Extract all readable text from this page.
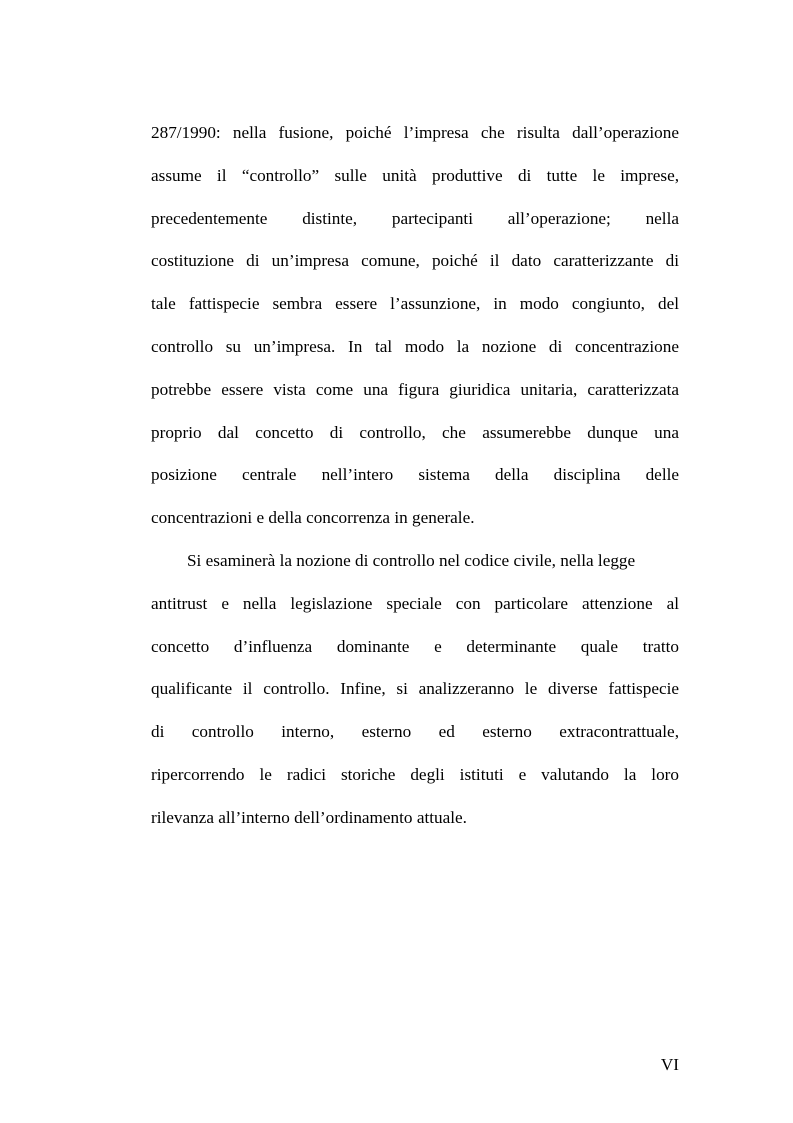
287/1990: nella fusione, poiché l’impresa che risulta dall’operazione
assume il “controllo” sulle unità produttive di tutte le imprese,
precedentemente distinte, partecipanti all’operazione; nella
costituzione di un’impresa comune, poiché il dato caratterizzante di
tale fattispecie sembra essere l’assunzione, in modo congiunto, del
controllo su un’impresa. In tal modo la nozione di concentrazione
potrebbe essere vista come una figura giuridica unitaria, caratterizzata
proprio dal concetto di controllo, che assumerebbe dunque una
posizione centrale nell’intero sistema della disciplina delle
concentrazioni e della concorrenza in generale.
Si esaminerà la nozione di controllo nel codice civile, nella legge
antitrust e nella legislazione speciale con particolare attenzione al
concetto d’influenza dominante e determinante quale tratto
qualificante il controllo. Infine, si analizzeranno le diverse fattispecie
di controllo interno, esterno ed esterno extracontrattuale,
ripercorrendo le radici storiche degli istituti e valutando la loro
rilevanza all’interno dell’ordinamento attuale.
VI
